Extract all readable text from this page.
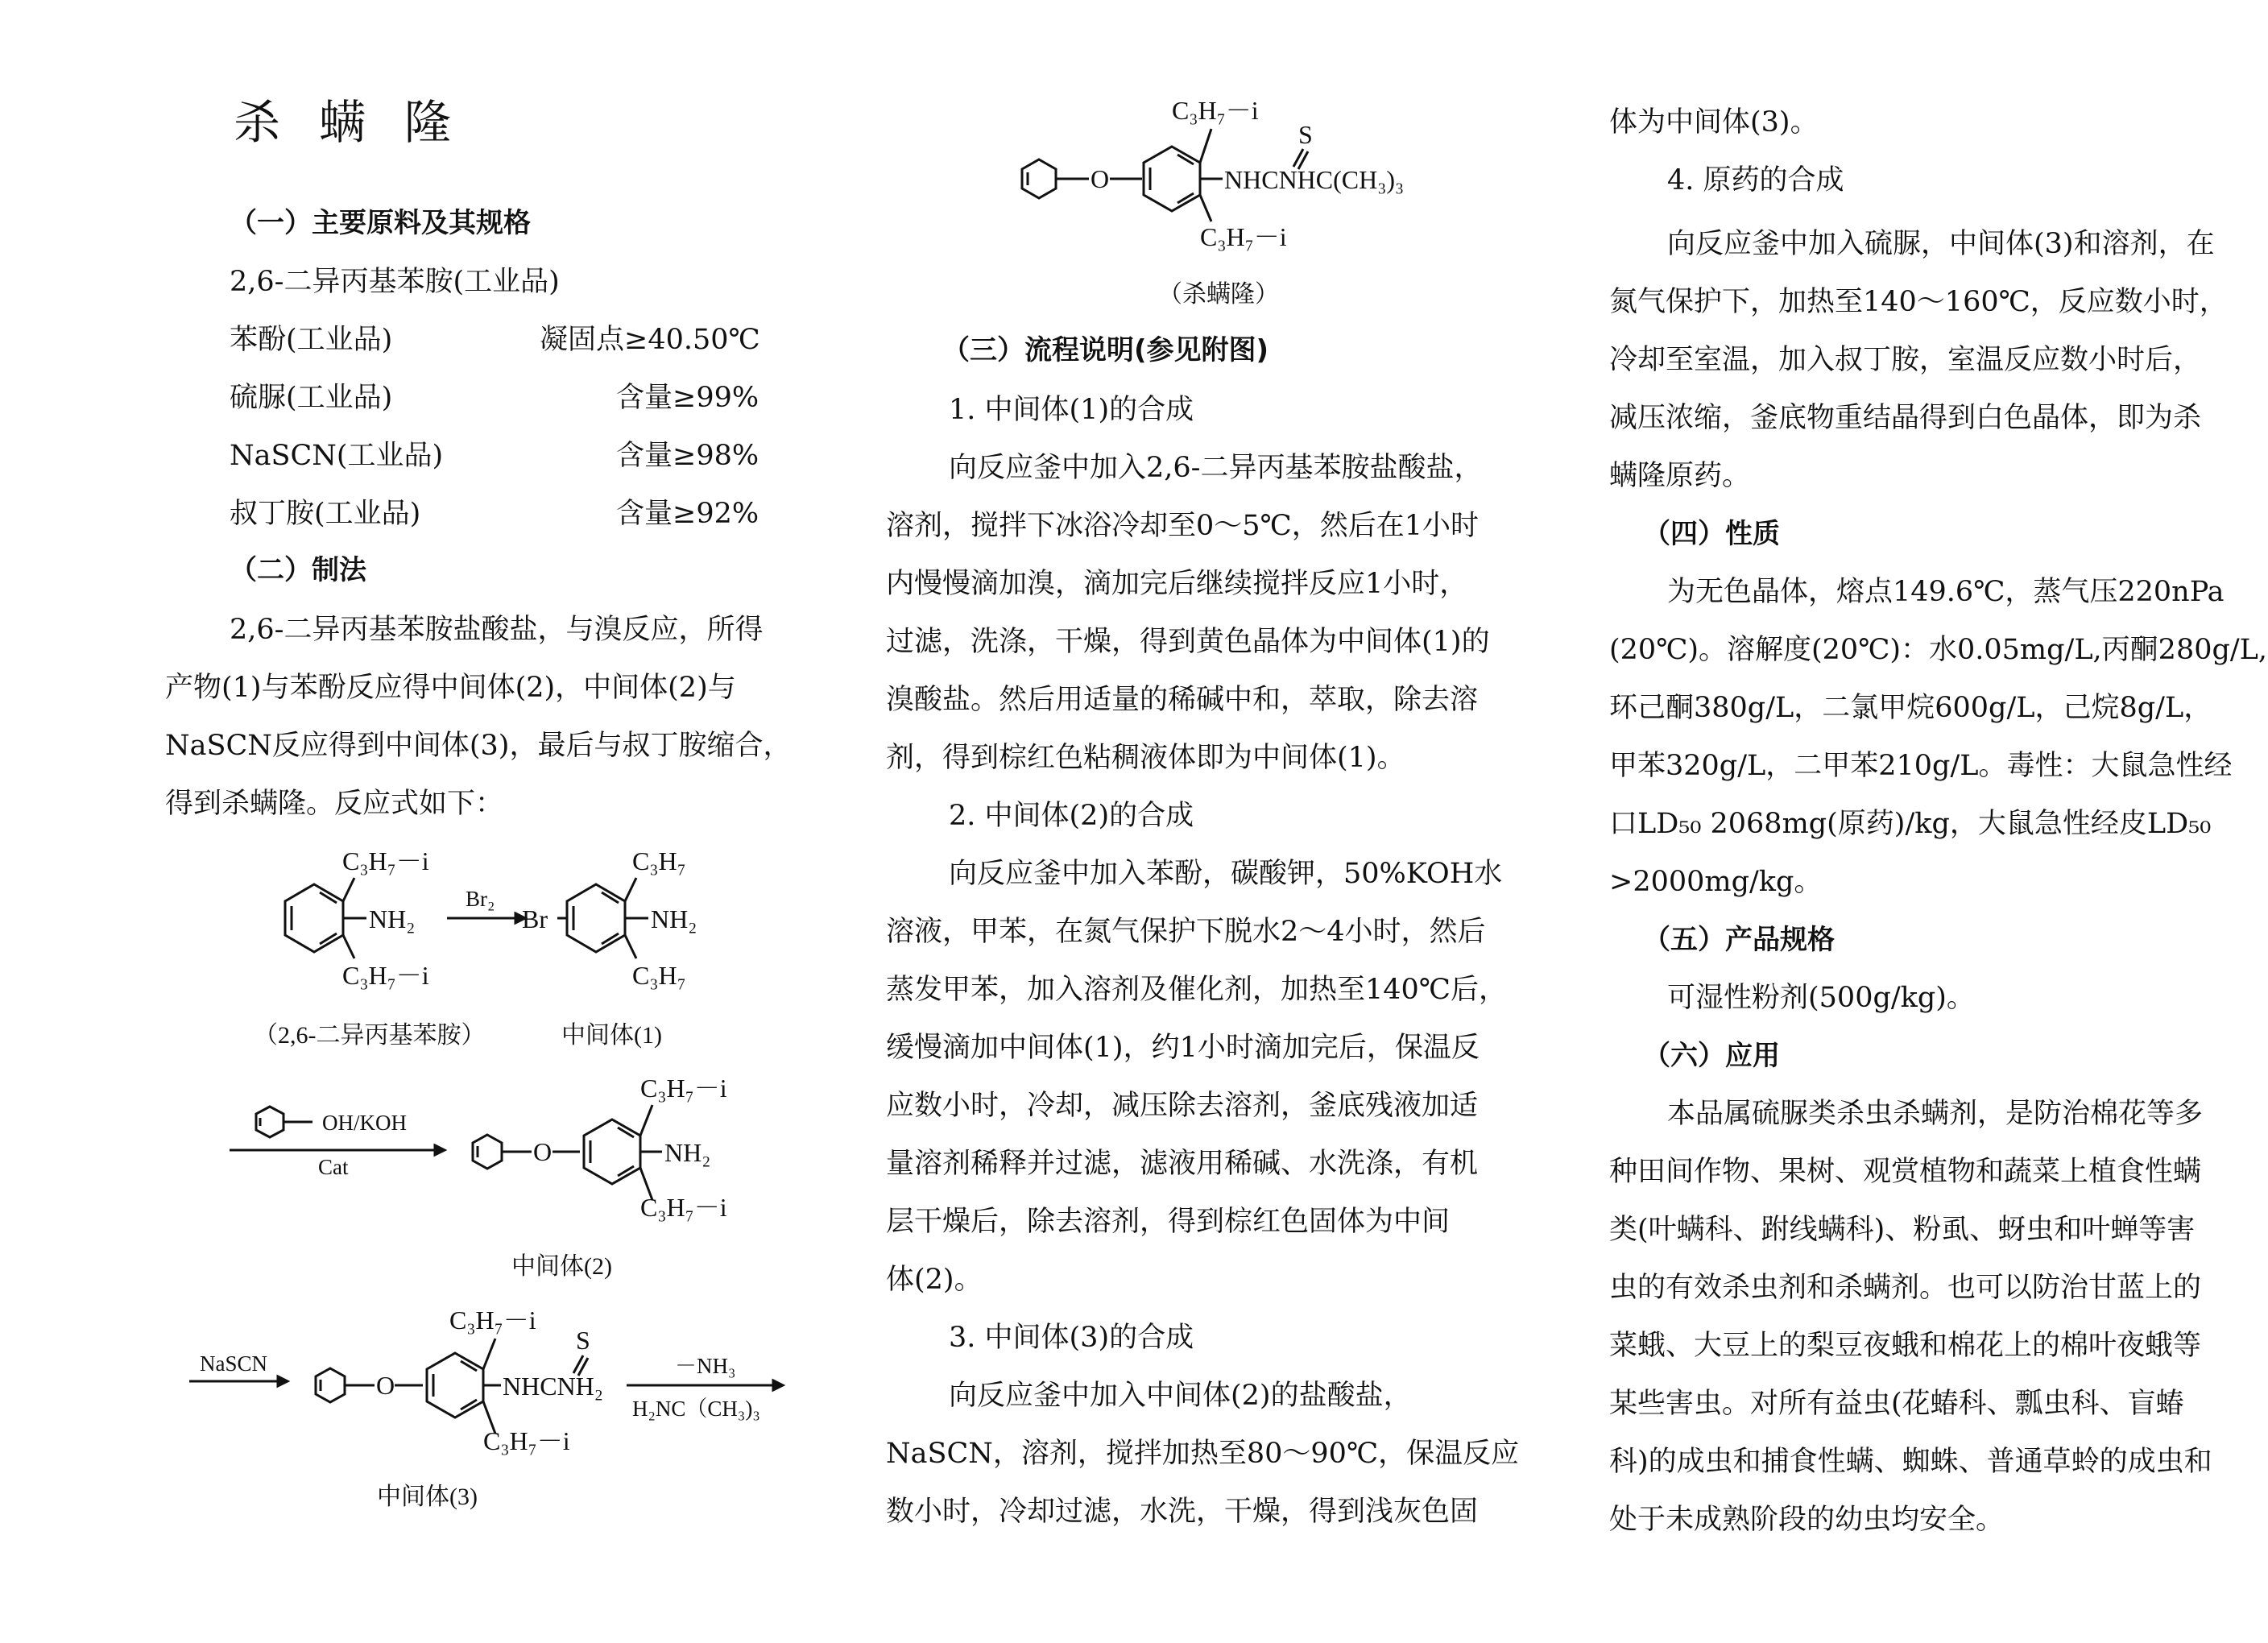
杀螨隆
（一）主要原料及其规格
2,6-二异丙基苯胺(工业品)
苯酚(工业品)	凝固点≥40.50℃
硫脲(工业品)	含量≥99%
NaSCN(工业品)	含量≥98%
叔丁胺(工业品)	含量≥92%
（二）制法
2,6-二异丙基苯胺盐酸盐，与溴反应，所得
产物(1)与苯酚反应得中间体(2)，中间体(2)与
NaSCN反应得到中间体(3)，最后与叔丁胺缩合，
得到杀螨隆。反应式如下：
C₃H₇－i
NH₂
C₃H₇－i
Br₂
Br
C₃H₇
NH₂
C₃H₇
（2,6-二异丙基苯胺）	中间体(1)
OH/KOH
Cat
O
C₃H₇－i
NH₂
C₃H₇－i
中间体(2)
NaSCN
O
C₃H₇－i
S
NHCNH₂
C₃H₇－i
－NH₃
H₂NC（CH₃)₃
中间体(3)
C₃H₇－i
S
O	NHCNHC(CH₃)₃
C₃H₇－i
（杀螨隆）
（三）流程说明(参见附图)
1. 中间体(1)的合成
向反应釜中加入2,6-二异丙基苯胺盐酸盐，
溶剂，搅拌下冰浴冷却至0～5℃，然后在1小时
内慢慢滴加溴，滴加完后继续搅拌反应1小时，
过滤，洗涤，干燥，得到黄色晶体为中间体(1)的
溴酸盐。然后用适量的稀碱中和，萃取，除去溶
剂，得到棕红色粘稠液体即为中间体(1)。
2. 中间体(2)的合成
向反应釜中加入苯酚，碳酸钾，50%KOH水
溶液，甲苯，在氮气保护下脱水2～4小时，然后
蒸发甲苯，加入溶剂及催化剂，加热至140℃后，
缓慢滴加中间体(1)，约1小时滴加完后，保温反
应数小时，冷却，减压除去溶剂，釜底残液加适
量溶剂稀释并过滤，滤液用稀碱、水洗涤，有机
层干燥后，除去溶剂，得到棕红色固体为中间
体(2)。
3. 中间体(3)的合成
向反应釜中加入中间体(2)的盐酸盐，
NaSCN，溶剂，搅拌加热至80～90℃，保温反应
数小时，冷却过滤，水洗，干燥，得到浅灰色固
体为中间体(3)。
4. 原药的合成
向反应釜中加入硫脲，中间体(3)和溶剂，在
氮气保护下，加热至140～160℃，反应数小时，
冷却至室温，加入叔丁胺，室温反应数小时后，
减压浓缩，釜底物重结晶得到白色晶体，即为杀
螨隆原药。
（四）性质
为无色晶体，熔点149.6℃，蒸气压220nPa
(20℃)。溶解度(20℃)：水0.05mg/L,丙酮280g/L,
环己酮380g/L，二氯甲烷600g/L，己烷8g/L，
甲苯320g/L，二甲苯210g/L。毒性：大鼠急性经
口LD₅₀ 2068mg(原药)/kg，大鼠急性经皮LD₅₀
>2000mg/kg。
（五）产品规格
可湿性粉剂(500g/kg)。
（六）应用
本品属硫脲类杀虫杀螨剂，是防治棉花等多
种田间作物、果树、观赏植物和蔬菜上植食性螨
类(叶螨科、跗线螨科)、粉虱、蚜虫和叶蝉等害
虫的有效杀虫剂和杀螨剂。也可以防治甘蓝上的
菜蛾、大豆上的梨豆夜蛾和棉花上的棉叶夜蛾等
某些害虫。对所有益虫(花蝽科、瓢虫科、盲蝽
科)的成虫和捕食性螨、蜘蛛、普通草蛉的成虫和
处于未成熟阶段的幼虫均安全。
